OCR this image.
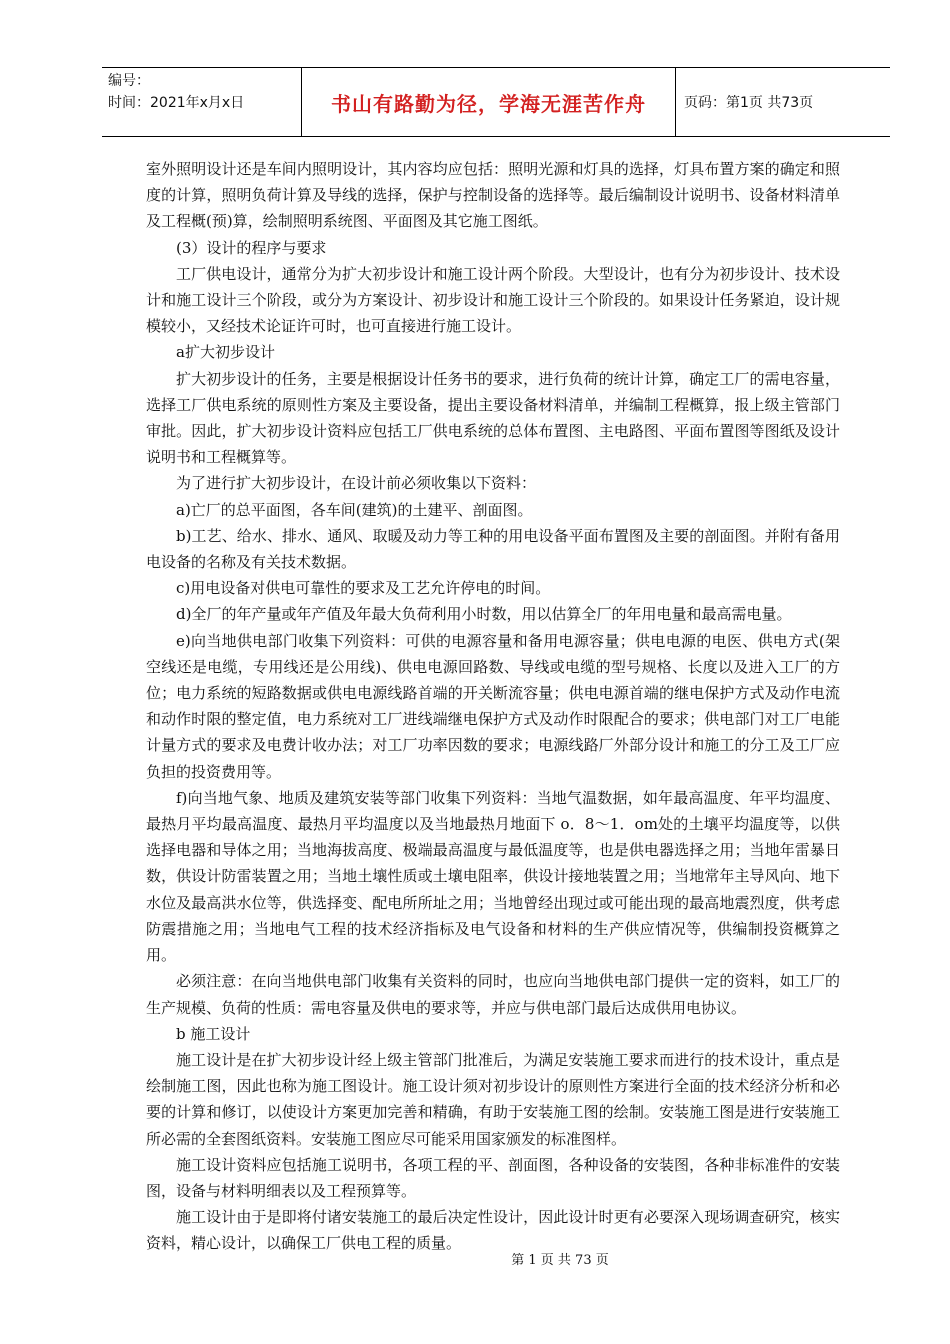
编号：
时间：2021年x月x日	书山有路勤为径，学海无涯苦作舟	页码：第1页 共73页

室外照明设计还是车间内照明设计，其内容均应包括：照明光源和灯具的选择，灯具布置方案的确定和照度的计算，照明负荷计算及导线的选择，保护与控制设备的选择等。最后编制设计说明书、设备材料清单及工程概(预)算，绘制照明系统图、平面图及其它施工图纸。

(3）设计的程序与要求

工厂供电设计，通常分为扩大初步设计和施工设计两个阶段。大型设计，也有分为初步设计、技术设计和施工设计三个阶段，或分为方案设计、初步设计和施工设计三个阶段的。如果设计任务紧迫，设计规模较小，又经技术论证许可时，也可直接进行施工设计。

a扩大初步设计

扩大初步设计的任务，主要是根据设计任务书的要求，进行负荷的统计计算，确定工厂的需电容量，选择工厂供电系统的原则性方案及主要设备，提出主要设备材料清单，并编制工程概算，报上级主管部门审批。因此，扩大初步设计资料应包括工厂供电系统的总体布置图、主电路图、平面布置图等图纸及设计说明书和工程概算等。

为了进行扩大初步设计，在设计前必须收集以下资料：

a)亡厂的总平面图，各车间(建筑)的土建平、剖面图。

b)工艺、给水、排水、通风、取暖及动力等工种的用电设备平面布置图及主要的剖面图。并附有备用电设备的名称及有关技术数据。

c)用电设备对供电可靠性的要求及工艺允许停电的时间。

d)全厂的年产量或年产值及年最大负荷利用小时数，用以估算全厂的年用电量和最高需电量。

e)向当地供电部门收集下列资料：可供的电源容量和备用电源容量；供电电源的电医、供电方式(架空线还是电缆，专用线还是公用线)、供电电源回路数、导线或电缆的型号规格、长度以及进入工厂的方位；电力系统的短路数据或供电电源线路首端的开关断流容量；供电电源首端的继电保护方式及动作电流和动作时限的整定值，电力系统对工厂进线端继电保护方式及动作时限配合的要求；供电部门对工厂电能计量方式的要求及电费计收办法；对工厂功率因数的要求；电源线路厂外部分设计和施工的分工及工厂应负担的投资费用等。

f)向当地气象、地质及建筑安装等部门收集下列资料：当地气温数据，如年最高温度、年平均温度、最热月平均最高温度、最热月平均温度以及当地最热月地面下 o．8～1．om处的土壤平均温度等，以供选择电器和导体之用；当地海拔高度、极端最高温度与最低温度等，也是供电器选择之用；当地年雷暴日数，供设计防雷装置之用；当地土壤性质或土壤电阻率，供设计接地装置之用；当地常年主导风向、地下水位及最高洪水位等，供选择变、配电所所址之用；当地曾经出现过或可能出现的最高地震烈度，供考虑防震措施之用；当地电气工程的技术经济指标及电气设备和材料的生产供应情况等，供编制投资概算之用。

必须注意：在向当地供电部门收集有关资料的同时，也应向当地供电部门提供一定的资料，如工厂的生产规模、负荷的性质：需电容量及供电的要求等，并应与供电部门最后达成供用电协议。

b 施工设计

施工设计是在扩大初步设计经上级主管部门批准后，为满足安装施工要求而进行的技术设计，重点是绘制施工图，因此也称为施工图设计。施工设计须对初步设计的原则性方案进行全面的技术经济分析和必要的计算和修订，以使设计方案更加完善和精确，有助于安装施工图的绘制。安装施工图是进行安装施工所必需的全套图纸资料。安装施工图应尽可能采用国家颁发的标准图样。

施工设计资料应包括施工说明书，各项工程的平、剖面图，各种设备的安装图，各种非标准件的安装图，设备与材料明细表以及工程预算等。

施工设计由于是即将付诸安装施工的最后决定性设计，因此设计时更有必要深入现场调查研究，核实资料，精心设计，以确保工厂供电工程的质量。

第 1 页 共 73 页
